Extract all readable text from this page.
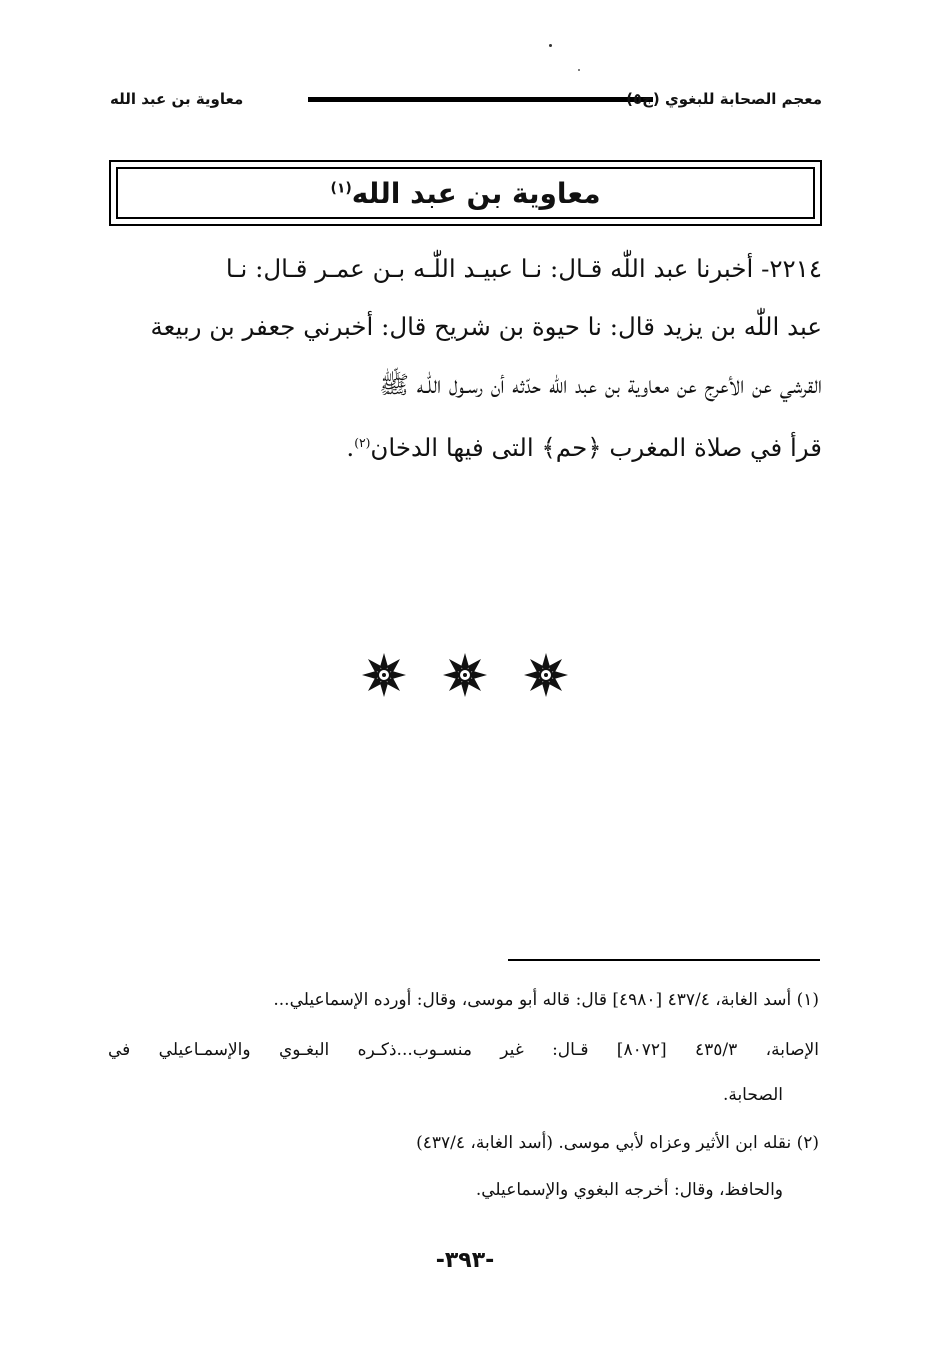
معاوية بن عبد الله	معجم الصحابة للبغوي (ج٥)
معاوية بن عبد الله$^{(١)}$

٢٢١٤- أخبرنا عبد اللّٰه قـال: نـا عبيـد اللّٰـه بـن عمـر قـال: نـا

عبد اللّٰه بن يزيد قال: نا حيوة بن شريح قال: أخبرني جعفر بن ربيعة

القرشي عن الأعرج عن معاوية بن عبد اللّٰه حدّثه أن رسـول اللّٰـه ﷺ

قرأ في صلاة المغرب ﴿حم﴾ التى فيها الدخان$^{(٢)}$.

(١) أسد الغابة، ٤٣٧/٤ [٤٩٨٠] قال: قاله أبو موسى، وقال: أورده الإسماعيلي...
الإصابة، ٤٣٥/٣ [٨٠٧٢] قـال: غير منسـوب...ذكـره البغـوي والإسمـاعيلي في
الصحابة.
(٢) نقله ابن الأثير وعزاه لأبي موسى. (أسد الغابة، ٤٣٧/٤)
والحافظ، وقال: أخرجه البغوي والإسماعيلي.
-٣٩٣-
